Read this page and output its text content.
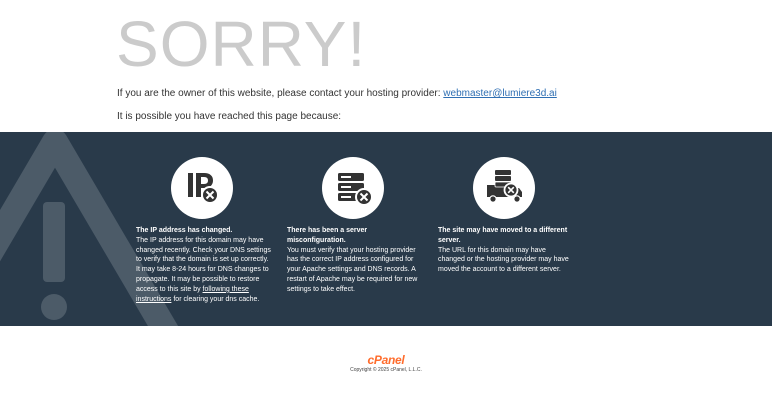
SORRY!
If you are the owner of this website, please contact your hosting provider: webmaster@lumiere3d.ai
It is possible you have reached this page because:
The IP address has changed.
The IP address for this domain may have changed recently. Check your DNS settings to verify that the domain is set up correctly. It may take 8-24 hours for DNS changes to propagate. It may be possible to restore access to this site by following these instructions for clearing your dns cache.
There has been a server misconfiguration.
You must verify that your hosting provider has the correct IP address configured for your Apache settings and DNS records. A restart of Apache may be required for new settings to take effect.
The site may have moved to a different server.
The URL for this domain may have changed or the hosting provider may have moved the account to a different server.
cPanel
Copyright © 2025 cPanel, L.L.C.
